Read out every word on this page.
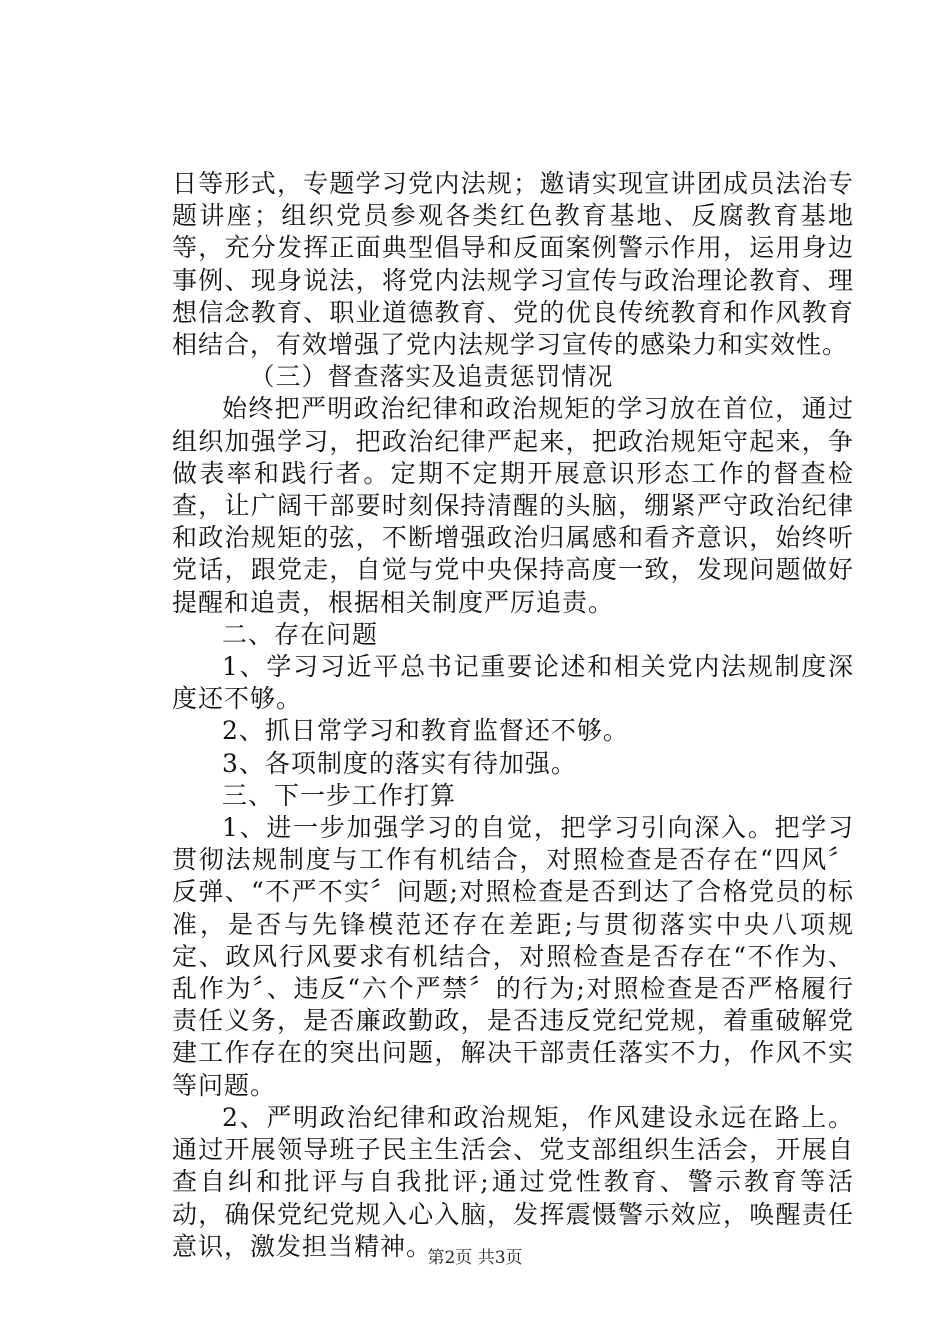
日等形式，专题学习党内法规；邀请实现宣讲团成员法治专题讲座；组织党员参观各类红色教育基地、反腐教育基地等，充分发挥正面典型倡导和反面案例警示作用，运用身边事例、现身说法，将党内法规学习宣传与政治理论教育、理想信念教育、职业道德教育、党的优良传统教育和作风教育相结合，有效增强了党内法规学习宣传的感染力和实效性。

（三）督查落实及追责惩罚情况

始终把严明政治纪律和政治规矩的学习放在首位，通过组织加强学习，把政治纪律严起来，把政治规矩守起来，争做表率和践行者。定期不定期开展意识形态工作的督查检查，让广阔干部要时刻保持清醒的头脑，绷紧严守政治纪律和政治规矩的弦，不断增强政治归属感和看齐意识，始终听党话，跟党走，自觉与党中央保持高度一致，发现问题做好提醒和追责，根据相关制度严厉追责。

二、存在问题

1、学习习近平总书记重要论述和相关党内法规制度深度还不够。

2、抓日常学习和教育监督还不够。

3、各项制度的落实有待加强。

三、下一步工作打算

1、进一步加强学习的自觉，把学习引向深入。把学习贯彻法规制度与工作有机结合，对照检查是否存在“四风〞反弹、“不严不实〞问题;对照检查是否到达了合格党员的标准，是否与先锋模范还存在差距;与贯彻落实中央八项规定、政风行风要求有机结合，对照检查是否存在“不作为、乱作为〞、违反“六个严禁〞的行为;对照检查是否严格履行责任义务，是否廉政勤政，是否违反党纪党规，着重破解党建工作存在的突出问题，解决干部责任落实不力，作风不实等问题。

2、严明政治纪律和政治规矩，作风建设永远在路上。通过开展领导班子民主生活会、党支部组织生活会，开展自查自纠和批评与自我批评;通过党性教育、警示教育等活动，确保党纪党规入心入脑，发挥震慑警示效应，唤醒责任意识，激发担当精神。

第2页 共3页
